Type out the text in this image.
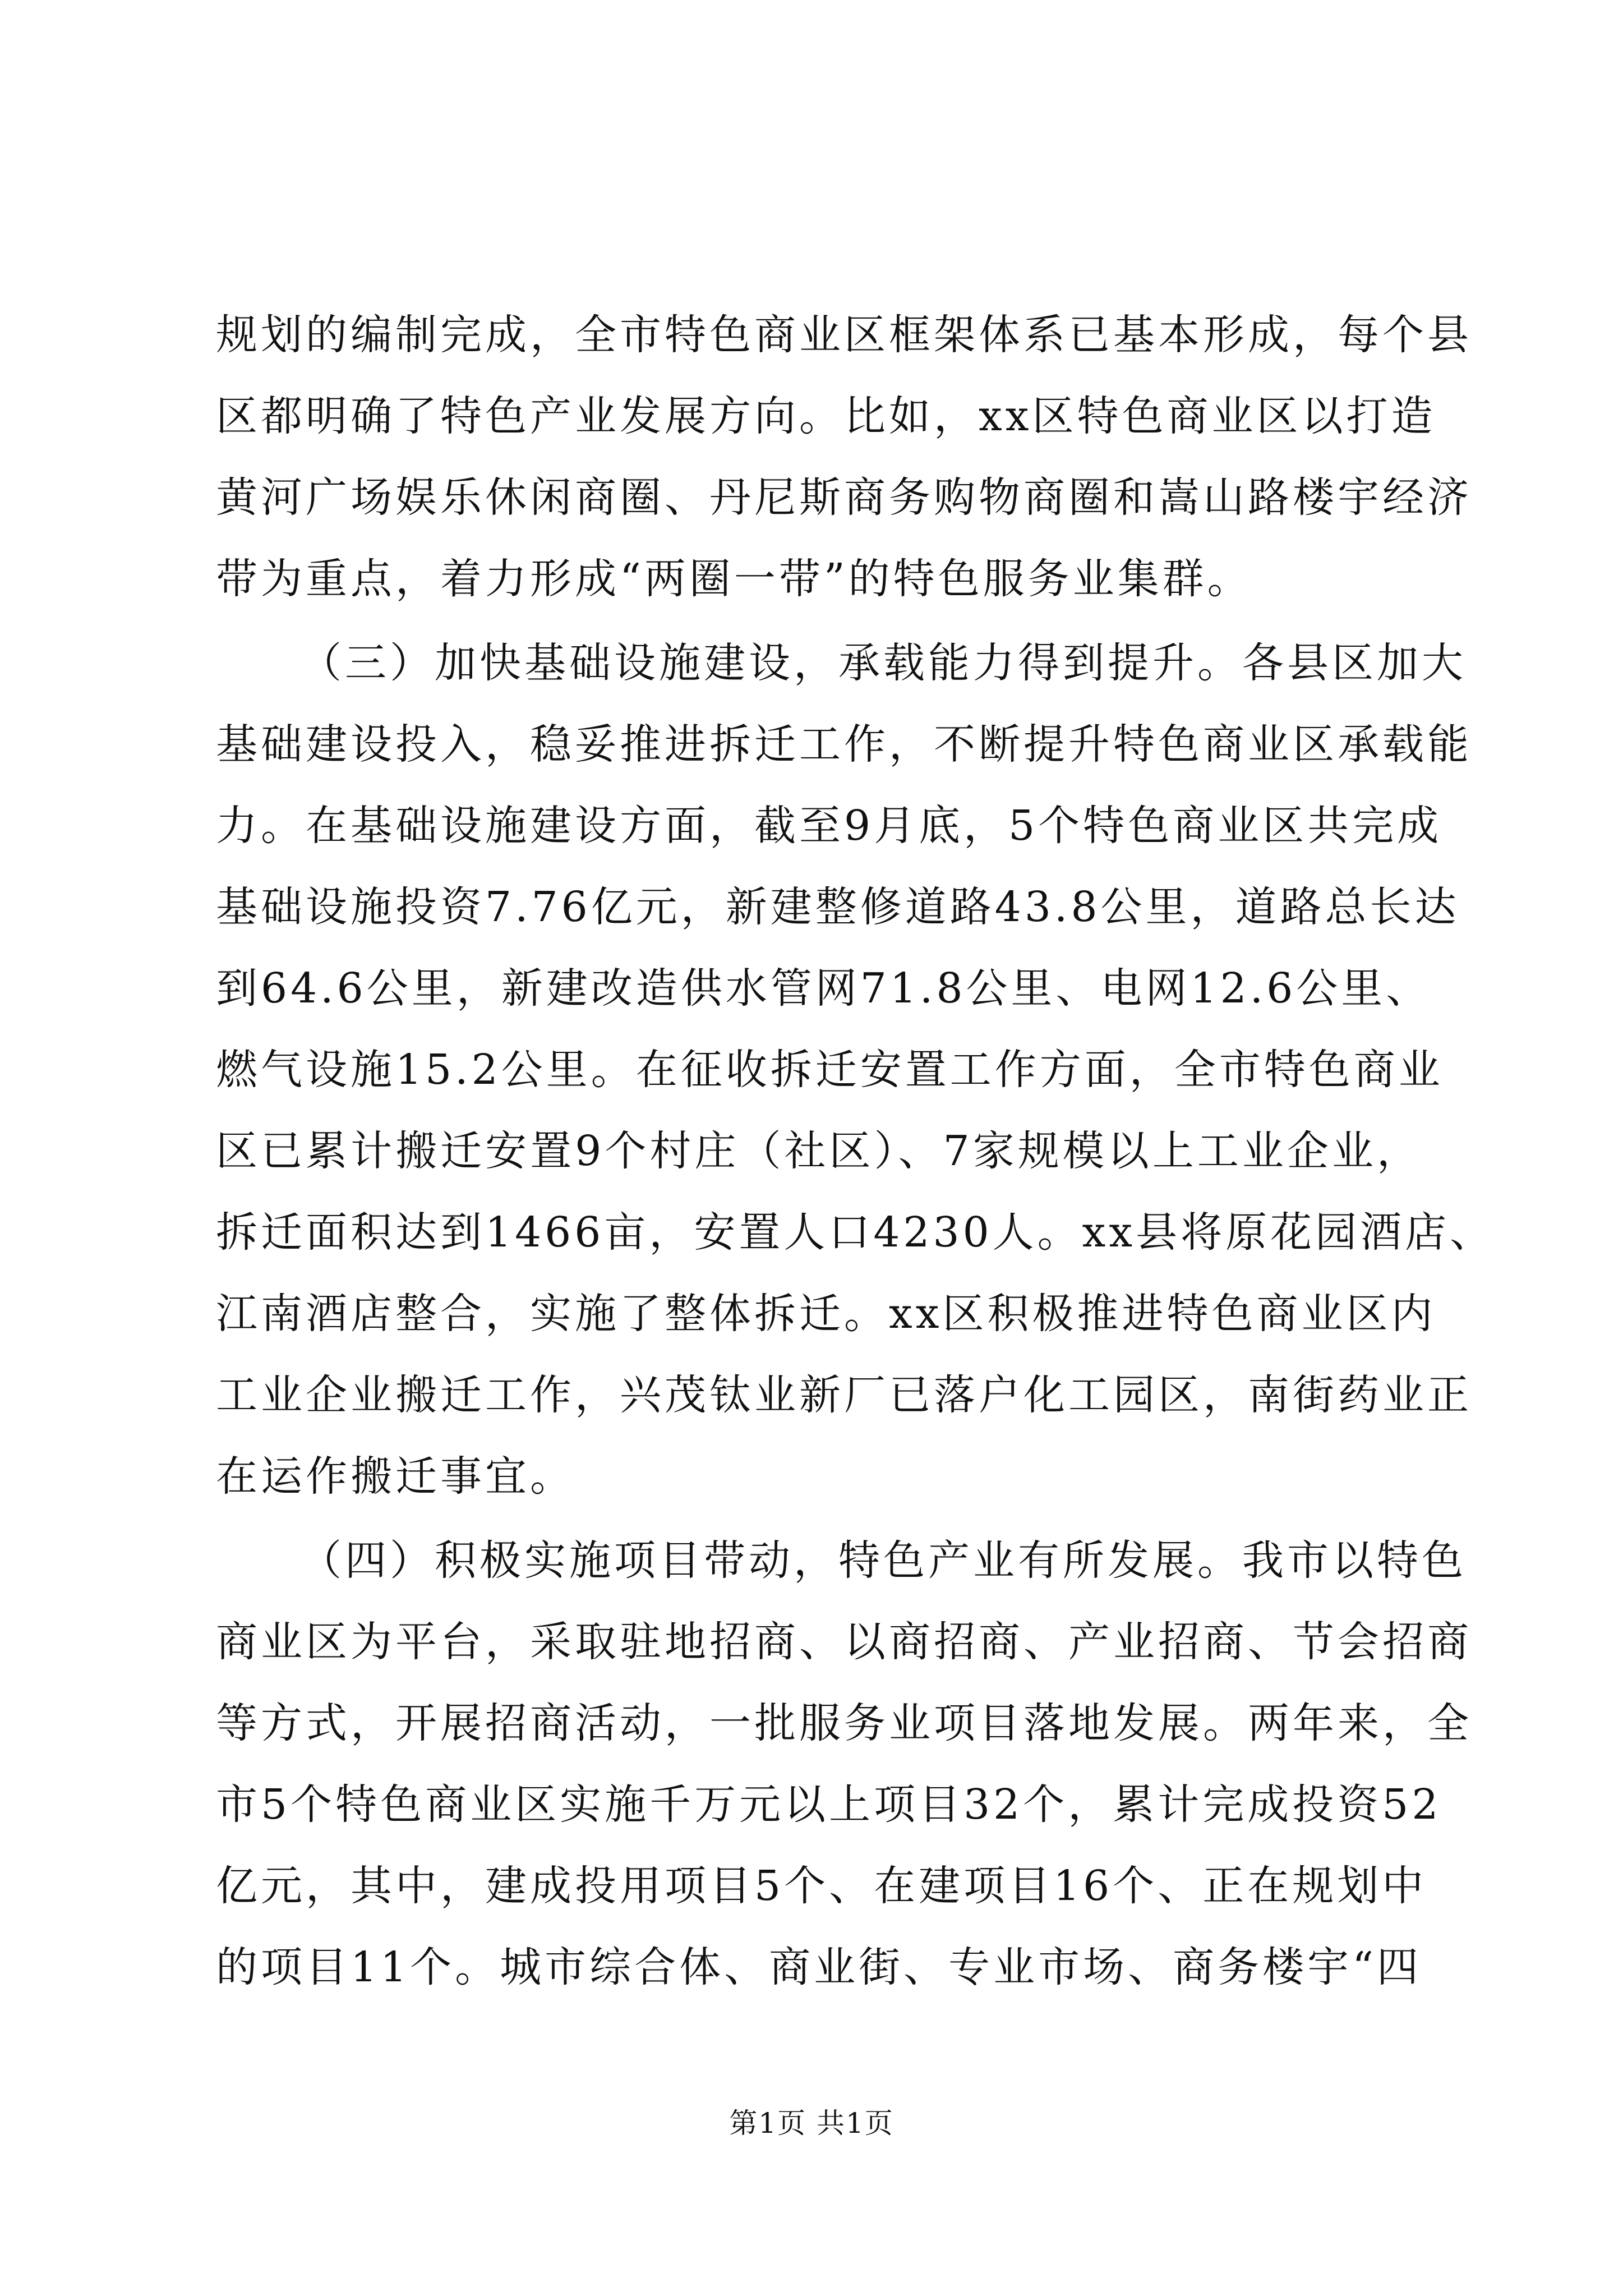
规划的编制完成，全市特色商业区框架体系已基本形成，每个县
区都明确了特色产业发展方向。比如，xx区特色商业区以打造
黄河广场娱乐休闲商圈、丹尼斯商务购物商圈和嵩山路楼宇经济
带为重点，着力形成“两圈一带”的特色服务业集群。
（三）加快基础设施建设，承载能力得到提升。各县区加大
基础建设投入，稳妥推进拆迁工作，不断提升特色商业区承载能
力。在基础设施建设方面，截至9月底，5个特色商业区共完成
基础设施投资7.76亿元，新建整修道路43.8公里，道路总长达
到64.6公里，新建改造供水管网71.8公里、电网12.6公里、
燃气设施15.2公里。在征收拆迁安置工作方面，全市特色商业
区已累计搬迁安置9个村庄（社区）、7家规模以上工业企业，
拆迁面积达到1466亩，安置人口4230人。xx县将原花园酒店、
江南酒店整合，实施了整体拆迁。xx区积极推进特色商业区内
工业企业搬迁工作，兴茂钛业新厂已落户化工园区，南街药业正
在运作搬迁事宜。
（四）积极实施项目带动，特色产业有所发展。我市以特色
商业区为平台，采取驻地招商、以商招商、产业招商、节会招商
等方式，开展招商活动，一批服务业项目落地发展。两年来，全
市5个特色商业区实施千万元以上项目32个，累计完成投资52
亿元，其中，建成投用项目5个、在建项目16个、正在规划中
的项目11个。城市综合体、商业街、专业市场、商务楼宇“四
第1页 共1页
